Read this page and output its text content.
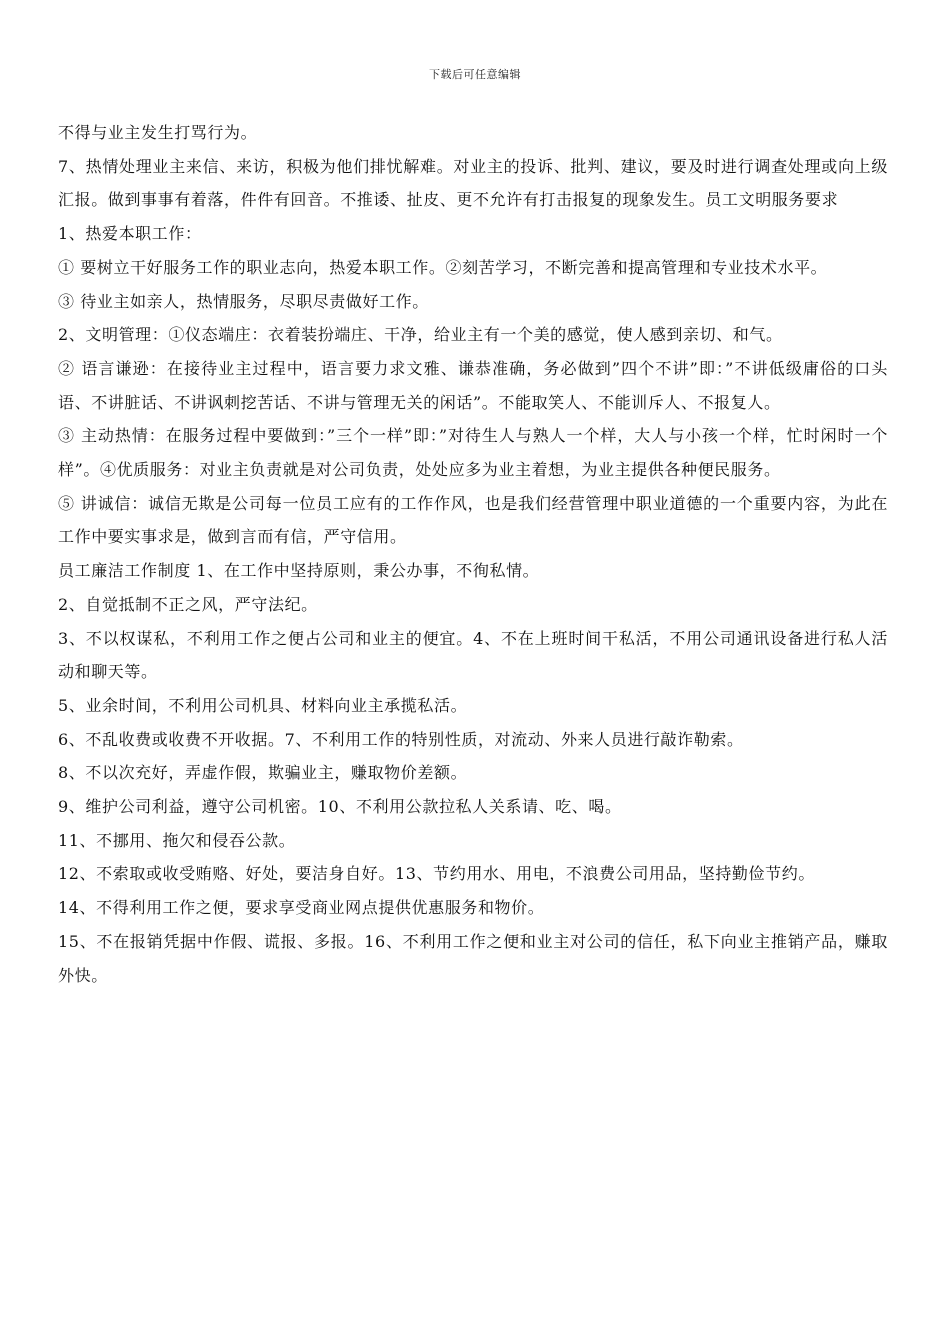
下载后可任意编辑

不得与业主发生打骂行为。

7、热情处理业主来信、来访，积极为他们排忧解难。对业主的投诉、批判、建议，要及时进行调查处理或向上级汇报。做到事事有着落，件件有回音。不推诿、扯皮、更不允许有打击报复的现象发生。员工文明服务要求

1、热爱本职工作：

① 要树立干好服务工作的职业志向，热爱本职工作。②刻苦学习，不断完善和提高管理和专业技术水平。

③ 待业主如亲人，热情服务，尽职尽责做好工作。

2、文明管理：①仪态端庄：衣着装扮端庄、干净，给业主有一个美的感觉，使人感到亲切、和气。

② 语言谦逊：在接待业主过程中，语言要力求文雅、谦恭准确，务必做到”四个不讲”即：”不讲低级庸俗的口头语、不讲脏话、不讲讽刺挖苦话、不讲与管理无关的闲话”。不能取笑人、不能训斥人、不报复人。

③ 主动热情：在服务过程中要做到：”三个一样”即：”对待生人与熟人一个样，大人与小孩一个样，忙时闲时一个样”。④优质服务：对业主负责就是对公司负责，处处应多为业主着想，为业主提供各种便民服务。

⑤ 讲诚信：诚信无欺是公司每一位员工应有的工作作风，也是我们经营管理中职业道德的一个重要内容，为此在工作中要实事求是，做到言而有信，严守信用。

员工廉洁工作制度 1、在工作中坚持原则，秉公办事，不徇私情。

2、自觉抵制不正之风，严守法纪。

3、不以权谋私，不利用工作之便占公司和业主的便宜。4、不在上班时间干私活，不用公司通讯设备进行私人活动和聊天等。

5、业余时间，不利用公司机具、材料向业主承揽私活。

6、不乱收费或收费不开收据。7、不利用工作的特别性质，对流动、外来人员进行敲诈勒索。

8、不以次充好，弄虚作假，欺骗业主，赚取物价差额。

9、维护公司利益，遵守公司机密。10、不利用公款拉私人关系请、吃、喝。

11、不挪用、拖欠和侵吞公款。

12、不索取或收受贿赂、好处，要洁身自好。13、节约用水、用电，不浪费公司用品，坚持勤俭节约。

14、不得利用工作之便，要求享受商业网点提供优惠服务和物价。

15、不在报销凭据中作假、谎报、多报。16、不利用工作之便和业主对公司的信任，私下向业主推销产品，赚取外快。
